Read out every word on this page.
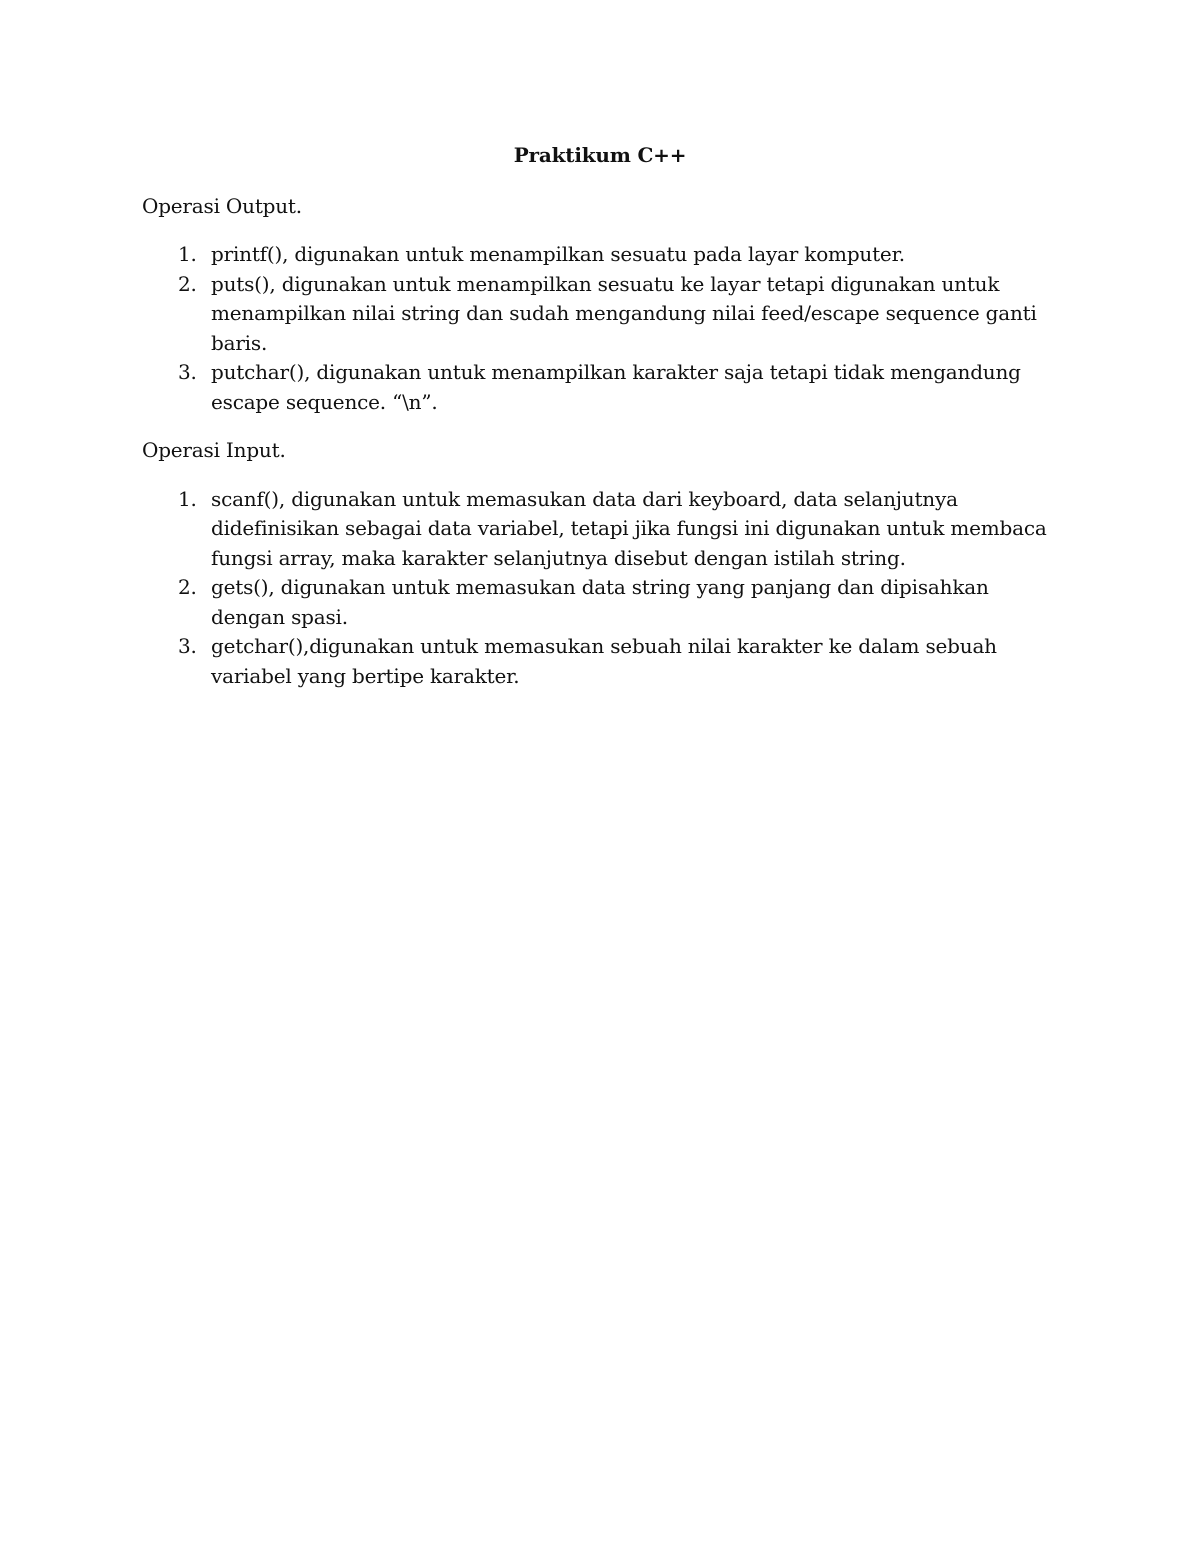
Praktikum C++
Operasi Output.
1. printf(), digunakan untuk menampilkan sesuatu pada layar komputer.
2. puts(), digunakan untuk menampilkan sesuatu ke layar tetapi digunakan untuk menampilkan nilai string dan sudah mengandung nilai feed/escape sequence ganti baris.
3. putchar(), digunakan untuk menampilkan karakter saja tetapi tidak mengandung escape sequence. “\n”.
Operasi Input.
1. scanf(), digunakan untuk memasukan data dari keyboard, data selanjutnya didefinisikan sebagai data variabel, tetapi jika fungsi ini digunakan untuk membaca fungsi array, maka karakter selanjutnya disebut dengan istilah string.
2. gets(), digunakan untuk memasukan data string yang panjang dan dipisahkan dengan spasi.
3. getchar(),digunakan untuk memasukan sebuah nilai karakter ke dalam sebuah variabel yang bertipe karakter.
